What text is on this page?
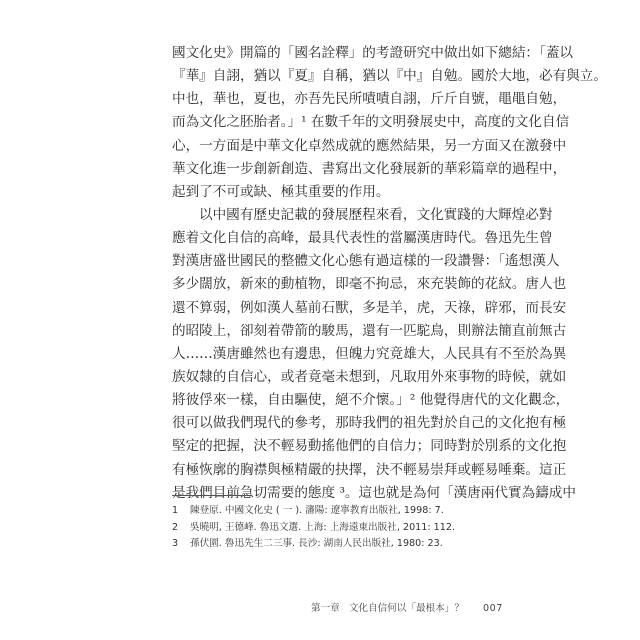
國文化史》開篇的「國名詮釋」的考證研究中做出如下總結：「蓋以
『華』自詡，猶以『夏』自稱，猶以『中』自勉。國於大地，必有與立。
中也，華也，夏也，亦吾先民所嘖嘖自詡，斤斤自號，黽黽自勉，
而為文化之胚胎者。」¹ 在數千年的文明發展史中，高度的文化自信
心，一方面是中華文化卓然成就的應然結果，另一方面又在激發中
華文化進一步創新創造、書寫出文化發展新的華彩篇章的過程中，
起到了不可或缺、極其重要的作用。
以中國有歷史記載的發展歷程來看，文化實踐的大輝煌必對
應着文化自信的高峰，最具代表性的當屬漢唐時代。魯迅先生曾
對漢唐盛世國民的整體文化心態有過這樣的一段讚譽：「遙想漢人
多少闊放，新來的動植物，即毫不拘忌，來充裝飾的花紋。唐人也
還不算弱，例如漢人墓前石獸，多是羊，虎，天祿，辟邪，而長安
的昭陵上，卻刻着帶箭的駿馬，還有一匹駝鳥，則辦法簡直前無古
人……漢唐雖然也有邊患，但魄力究竟雄大，人民具有不至於為異
族奴隸的自信心，或者竟毫未想到，凡取用外來事物的時候，就如
將彼俘來一樣，自由驅使，絕不介懷。」² 他覺得唐代的文化觀念，
很可以做我們現代的參考，那時我們的祖先對於自己的文化抱有極
堅定的把握，決不輕易動搖他們的自信力；同時對於別系的文化抱
有極恢廓的胸襟與極精嚴的抉擇，決不輕易崇拜或輕易唾棄。這正
是我們目前急切需要的態度 ³。這也就是為何「漢唐兩代實為鑄成中
1	陳登原. 中國文化史 ( 一 ). 瀋陽: 遼寧教育出版社, 1998: 7.
2	吳曉明, 王德峰. 魯迅文選. 上海: 上海遠東出版社, 2011: 112.
3	孫伏園. 魯迅先生二三事. 長沙: 湖南人民出版社, 1980: 23.
第一章 文化自信何以「最根本」？ 007
